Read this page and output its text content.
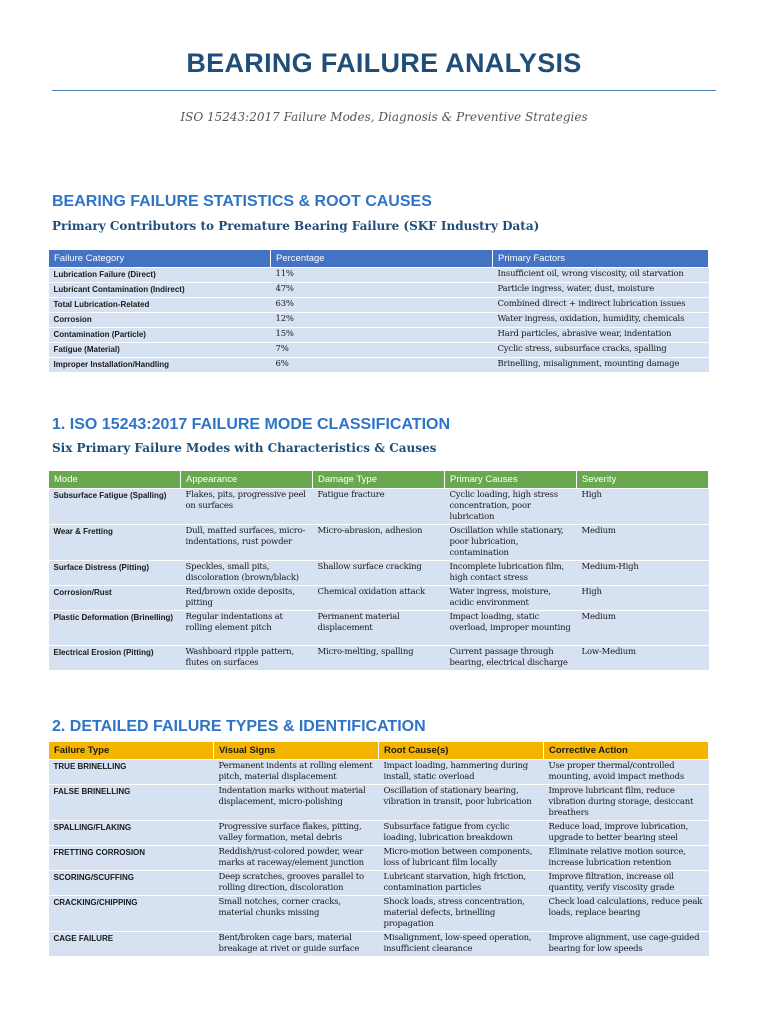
BEARING FAILURE ANALYSIS
ISO 15243:2017 Failure Modes, Diagnosis & Preventive Strategies
BEARING FAILURE STATISTICS & ROOT CAUSES
Primary Contributors to Premature Bearing Failure (SKF Industry Data)
Failure Category	Percentage	Primary Factors
Lubrication Failure (Direct)	11%	Insufficient oil, wrong viscosity, oil starvation
Lubricant Contamination (Indirect)	47%	Particle ingress, water, dust, moisture
Total Lubrication-Related	63%	Combined direct + indirect lubrication issues
Corrosion	12%	Water ingress, oxidation, humidity, chemicals
Contamination (Particle)	15%	Hard particles, abrasive wear, indentation
Fatigue (Material)	7%	Cyclic stress, subsurface cracks, spalling
Improper Installation/Handling	6%	Brinelling, misalignment, mounting damage
1. ISO 15243:2017 FAILURE MODE CLASSIFICATION
Six Primary Failure Modes with Characteristics & Causes
Mode	Appearance	Damage Type	Primary Causes	Severity
Subsurface Fatigue (Spalling)	Flakes, pits, progressive peel on surfaces	Fatigue fracture	Cyclic loading, high stress concentration, poor lubrication	High
Wear & Fretting	Dull, matted surfaces, micro-indentations, rust powder	Micro-abrasion, adhesion	Oscillation while stationary, poor lubrication, contamination	Medium
Surface Distress (Pitting)	Speckles, small pits, discoloration (brown/black)	Shallow surface cracking	Incomplete lubrication film, high contact stress	Medium-High
Corrosion/Rust	Red/brown oxide deposits, pitting	Chemical oxidation attack	Water ingress, moisture, acidic environment	High
Plastic Deformation (Brinelling)	Regular indentations at rolling element pitch	Permanent material displacement	Impact loading, static overload, improper mounting	Medium
Electrical Erosion (Pitting)	Washboard ripple pattern, flutes on surfaces	Micro-melting, spalling	Current passage through bearing, electrical discharge	Low-Medium
2. DETAILED FAILURE TYPES & IDENTIFICATION
Failure Type	Visual Signs	Root Cause(s)	Corrective Action
TRUE BRINELLING	Permanent indents at rolling element pitch, material displacement	Impact loading, hammering during install, static overload	Use proper thermal/controlled mounting, avoid impact methods
FALSE BRINELLING	Indentation marks without material displacement, micro-polishing	Oscillation of stationary bearing, vibration in transit, poor lubrication	Improve lubricant film, reduce vibration during storage, desiccant breathers
SPALLING/FLAKING	Progressive surface flakes, pitting, valley formation, metal debris	Subsurface fatigue from cyclic loading, lubrication breakdown	Reduce load, improve lubrication, upgrade to better bearing steel
FRETTING CORROSION	Reddish/rust-colored powder, wear marks at raceway/element junction	Micro-motion between components, loss of lubricant film locally	Eliminate relative motion source, increase lubrication retention
SCORING/SCUFFING	Deep scratches, grooves parallel to rolling direction, discoloration	Lubricant starvation, high friction, contamination particles	Improve filtration, increase oil quantity, verify viscosity grade
CRACKING/CHIPPING	Small notches, corner cracks, material chunks missing	Shock loads, stress concentration, material defects, brinelling propagation	Check load calculations, reduce peak loads, replace bearing
CAGE FAILURE	Bent/broken cage bars, material breakage at rivet or guide surface	Misalignment, low-speed operation, insufficient clearance	Improve alignment, use cage-guided bearing for low speeds
